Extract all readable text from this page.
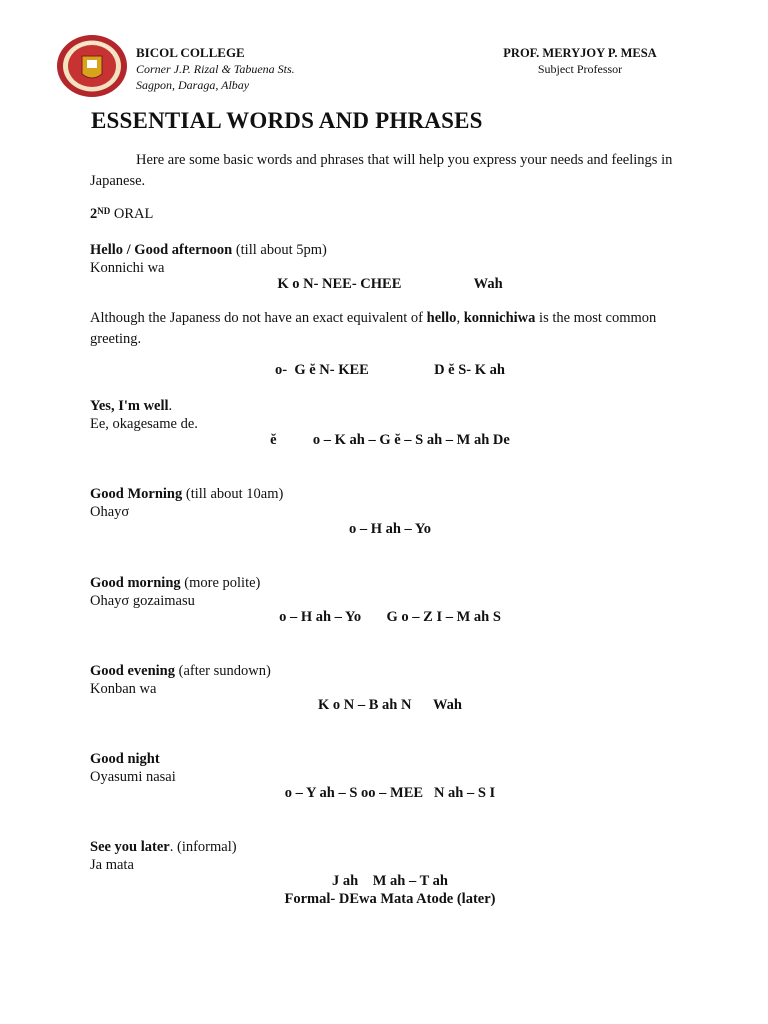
BICOL COLLEGE
Corner J.P. Rizal & Tabuena Sts.
Sagpon, Daraga, Albay
PROF. MERYJOY P. MESA
Subject Professor
ESSENTIAL WORDS AND PHRASES
Here are some basic words and phrases that will help you express your needs and feelings in Japanese.
2ND ORAL
Hello / Good afternoon (till about 5pm)
Konnichi wa
K o N- NEE- CHEE                    Wah
Although the Japaness do not have an exact equivalent of hello, konnichiwa is the most common greeting.
o-  G ĕ N- KEE                  D ĕ S- K ah
Yes, I'm well.
Ee, okagesame de.
ĕ          o – K ah – G ĕ – S ah – M ah De
Good Morning (till about 10am)
Ohayσ
o – H ah – Yo
Good morning (more polite)
Ohayσ gozaimasu
o – H ah – Yo       G o – Z I – M ah S
Good evening (after sundown)
Konban wa
K o N – B ah N      Wah
Good night
Oyasumi nasai
o – Y ah – S oo – MEE   N ah – S I
See you later. (informal)
Ja mata
J ah    M ah – T ah
Formal- DEwa Mata Atode (later)
